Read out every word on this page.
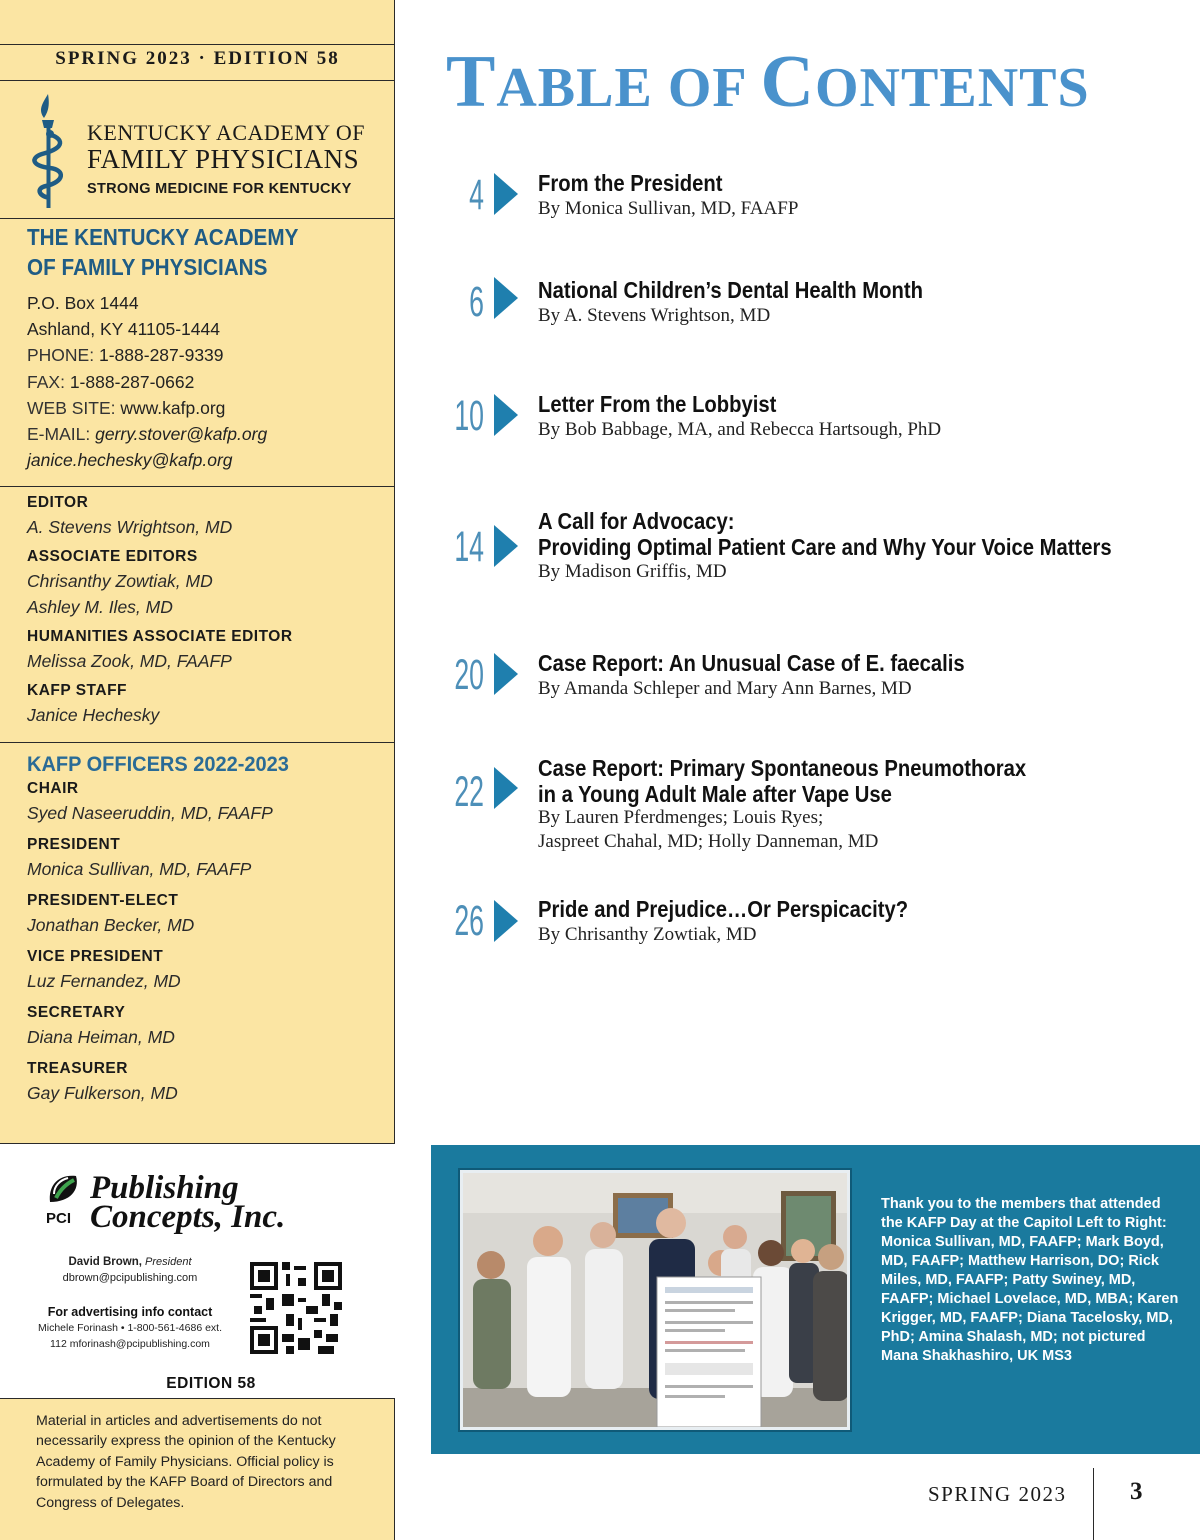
SPRING 2023 · EDITION 58
KENTUCKY ACADEMY OF
FAMILY PHYSICIANS
STRONG MEDICINE FOR KENTUCKY
THE KENTUCKY ACADEMY
OF FAMILY PHYSICIANS
P.O. Box 1444
Ashland, KY 41105-1444
PHONE: 1-888-287-9339
FAX: 1-888-287-0662
WEB SITE: www.kafp.org
E-MAIL: gerry.stover@kafp.org
janice.hechesky@kafp.org
EDITOR
A. Stevens Wrightson, MD
ASSOCIATE EDITORS
Chrisanthy Zowtiak, MD
Ashley M. Iles, MD
HUMANITIES ASSOCIATE EDITOR
Melissa Zook, MD, FAAFP
KAFP STAFF
Janice Hechesky
KAFP OFFICERS 2022-2023
CHAIR
Syed Naseeruddin, MD, FAAFP
PRESIDENT
Monica Sullivan, MD, FAAFP
PRESIDENT-ELECT
Jonathan Becker, MD
VICE PRESIDENT
Luz Fernandez, MD
SECRETARY
Diana Heiman, MD
TREASURER
Gay Fulkerson, MD
PCI
Publishing
Concepts, Inc.
David Brown, President
dbrown@pcipublishing.com
For advertising info contact
Michele Forinash • 1-800-561-4686 ext.
112 mforinash@pcipublishing.com
EDITION 58
Material in articles and advertisements do not necessarily express the opinion of the Kentucky Academy of Family Physicians. Official policy is formulated by the KAFP Board of Directors and Congress of Delegates.
TABLE OF CONTENTS
4 From the President
By Monica Sullivan, MD, FAAFP
6 National Children’s Dental Health Month
By A. Stevens Wrightson, MD
10 Letter From the Lobbyist
By Bob Babbage, MA, and Rebecca Hartsough, PhD
14
A Call for Advocacy:
Providing Optimal Patient Care and Why Your Voice Matters
By Madison Griffis, MD
20 Case Report: An Unusual Case of E. faecalis
By Amanda Schleper and Mary Ann Barnes, MD
22 Case Report: Primary Spontaneous Pneumothorax
in a Young Adult Male after Vape Use
By Lauren Pferdmenges; Louis Ryes;
Jaspreet Chahal, MD; Holly Danneman, MD
26 Pride and Prejudice…Or Perspicacity?
By Chrisanthy Zowtiak, MD
Thank you to the members that attended the KAFP Day at the Capitol Left to Right: Monica Sullivan, MD, FAAFP; Mark Boyd, MD, FAAFP; Matthew Harrison, DO; Rick Miles, MD, FAAFP; Patty Swiney, MD, FAAFP; Michael Lovelace, MD, MBA; Karen Krigger, MD, FAAFP; Diana Tacelosky, MD, PhD; Amina Shalash, MD; not pictured Mana Shakhashiro, UK MS3
SPRING 2023	3
